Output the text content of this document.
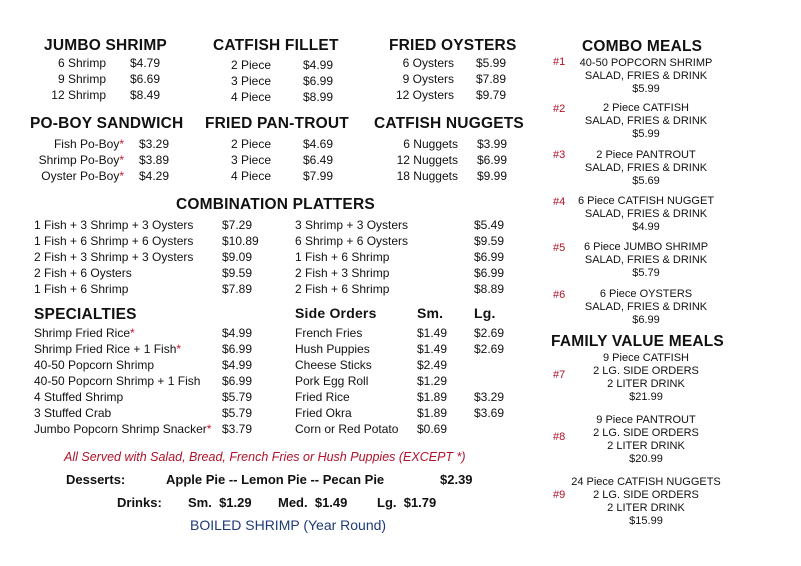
JUMBO SHRIMP	CATFISH FILLET	FRIED OYSTERS
6 Shrimp $4.79
9 Shrimp $6.69
12 Shrimp $8.49
2 Piece	$4.99
3 Piece	$6.99
4 Piece	$8.99
6 Oysters $5.99
9 Oysters $7.89
12 Oysters $9.79
PO-BOY SANDWICH FRIED PAN-TROUT CATFISH NUGGETS
Fish Po-Boy* $3.29
Shrimp Po-Boy* $3.89
Oyster Po-Boy* $4.29
2 Piece	$4.69
3 Piece	$6.49
4 Piece	$7.99
6 Nuggets $3.99
12 Nuggets $6.99
18 Nuggets $9.99
COMBINATION PLATTERS
1 Fish + 3 Shrimp + 3 Oysters $7.29
1 Fish + 6 Shrimp + 6 Oysters $10.89
2 Fish + 3 Shrimp + 3 Oysters $9.09
2 Fish + 6 Oysters	$9.59
1 Fish + 6 Shrimp	$7.89
3 Shrimp + 3 Oysters	$5.49
6 Shrimp + 6 Oysters	$9.59
1 Fish + 6 Shrimp	$6.99
2 Fish + 3 Shrimp	$6.99
2 Fish + 6 Shrimp	$8.89
SPECIALTIES
Shrimp Fried Rice*	$4.99
Shrimp Fried Rice + 1 Fish*	$6.99
40-50 Popcorn Shrimp	$4.99
40-50 Popcorn Shrimp + 1 Fish $6.99
4 Stuffed Shrimp	$5.79
3 Stuffed Crab	$5.79
Jumbo Popcorn Shrimp Snacker* $3.79
Side Orders	Sm. Lg.
French Fries	$1.49 $2.69
Hush Puppies	$1.49 $2.69
Cheese Sticks	$2.49
Pork Egg Roll	$1.29
Fried Rice	$1.89 $3.29
Fried Okra	$1.89 $3.69
Corn or Red Potato $0.69
All Served with Salad, Bread, French Fries or Hush Puppies (EXCEPT *)
Desserts:	Apple Pie -- Lemon Pie -- Pecan Pie	$2.39
Drinks: Sm.  $1.29 Med.  $1.49 Lg.  $1.79
BOILED SHRIMP (Year Round)
COMBO MEALS
#1	40-50 POPCORN SHRIMP
SALAD, FRIES & DRINK
$5.99
#2	2 Piece CATFISH
SALAD, FRIES & DRINK
$5.99
#3	2 Piece PANTROUT
SALAD, FRIES & DRINK
$5.69
#4	6 Piece CATFISH NUGGET
SALAD, FRIES & DRINK
$4.99
#5	6 Piece JUMBO SHRIMP
SALAD, FRIES & DRINK
$5.79
#6	6 Piece OYSTERS
SALAD, FRIES & DRINK
$6.99
FAMILY VALUE MEALS
#7
9 Piece CATFISH
2 LG. SIDE ORDERS
2 LITER DRINK
$21.99
#8
9 Piece PANTROUT
2 LG. SIDE ORDERS
2 LITER DRINK
$20.99
#9
24 Piece CATFISH NUGGETS
2 LG. SIDE ORDERS
2 LITER DRINK
$15.99
